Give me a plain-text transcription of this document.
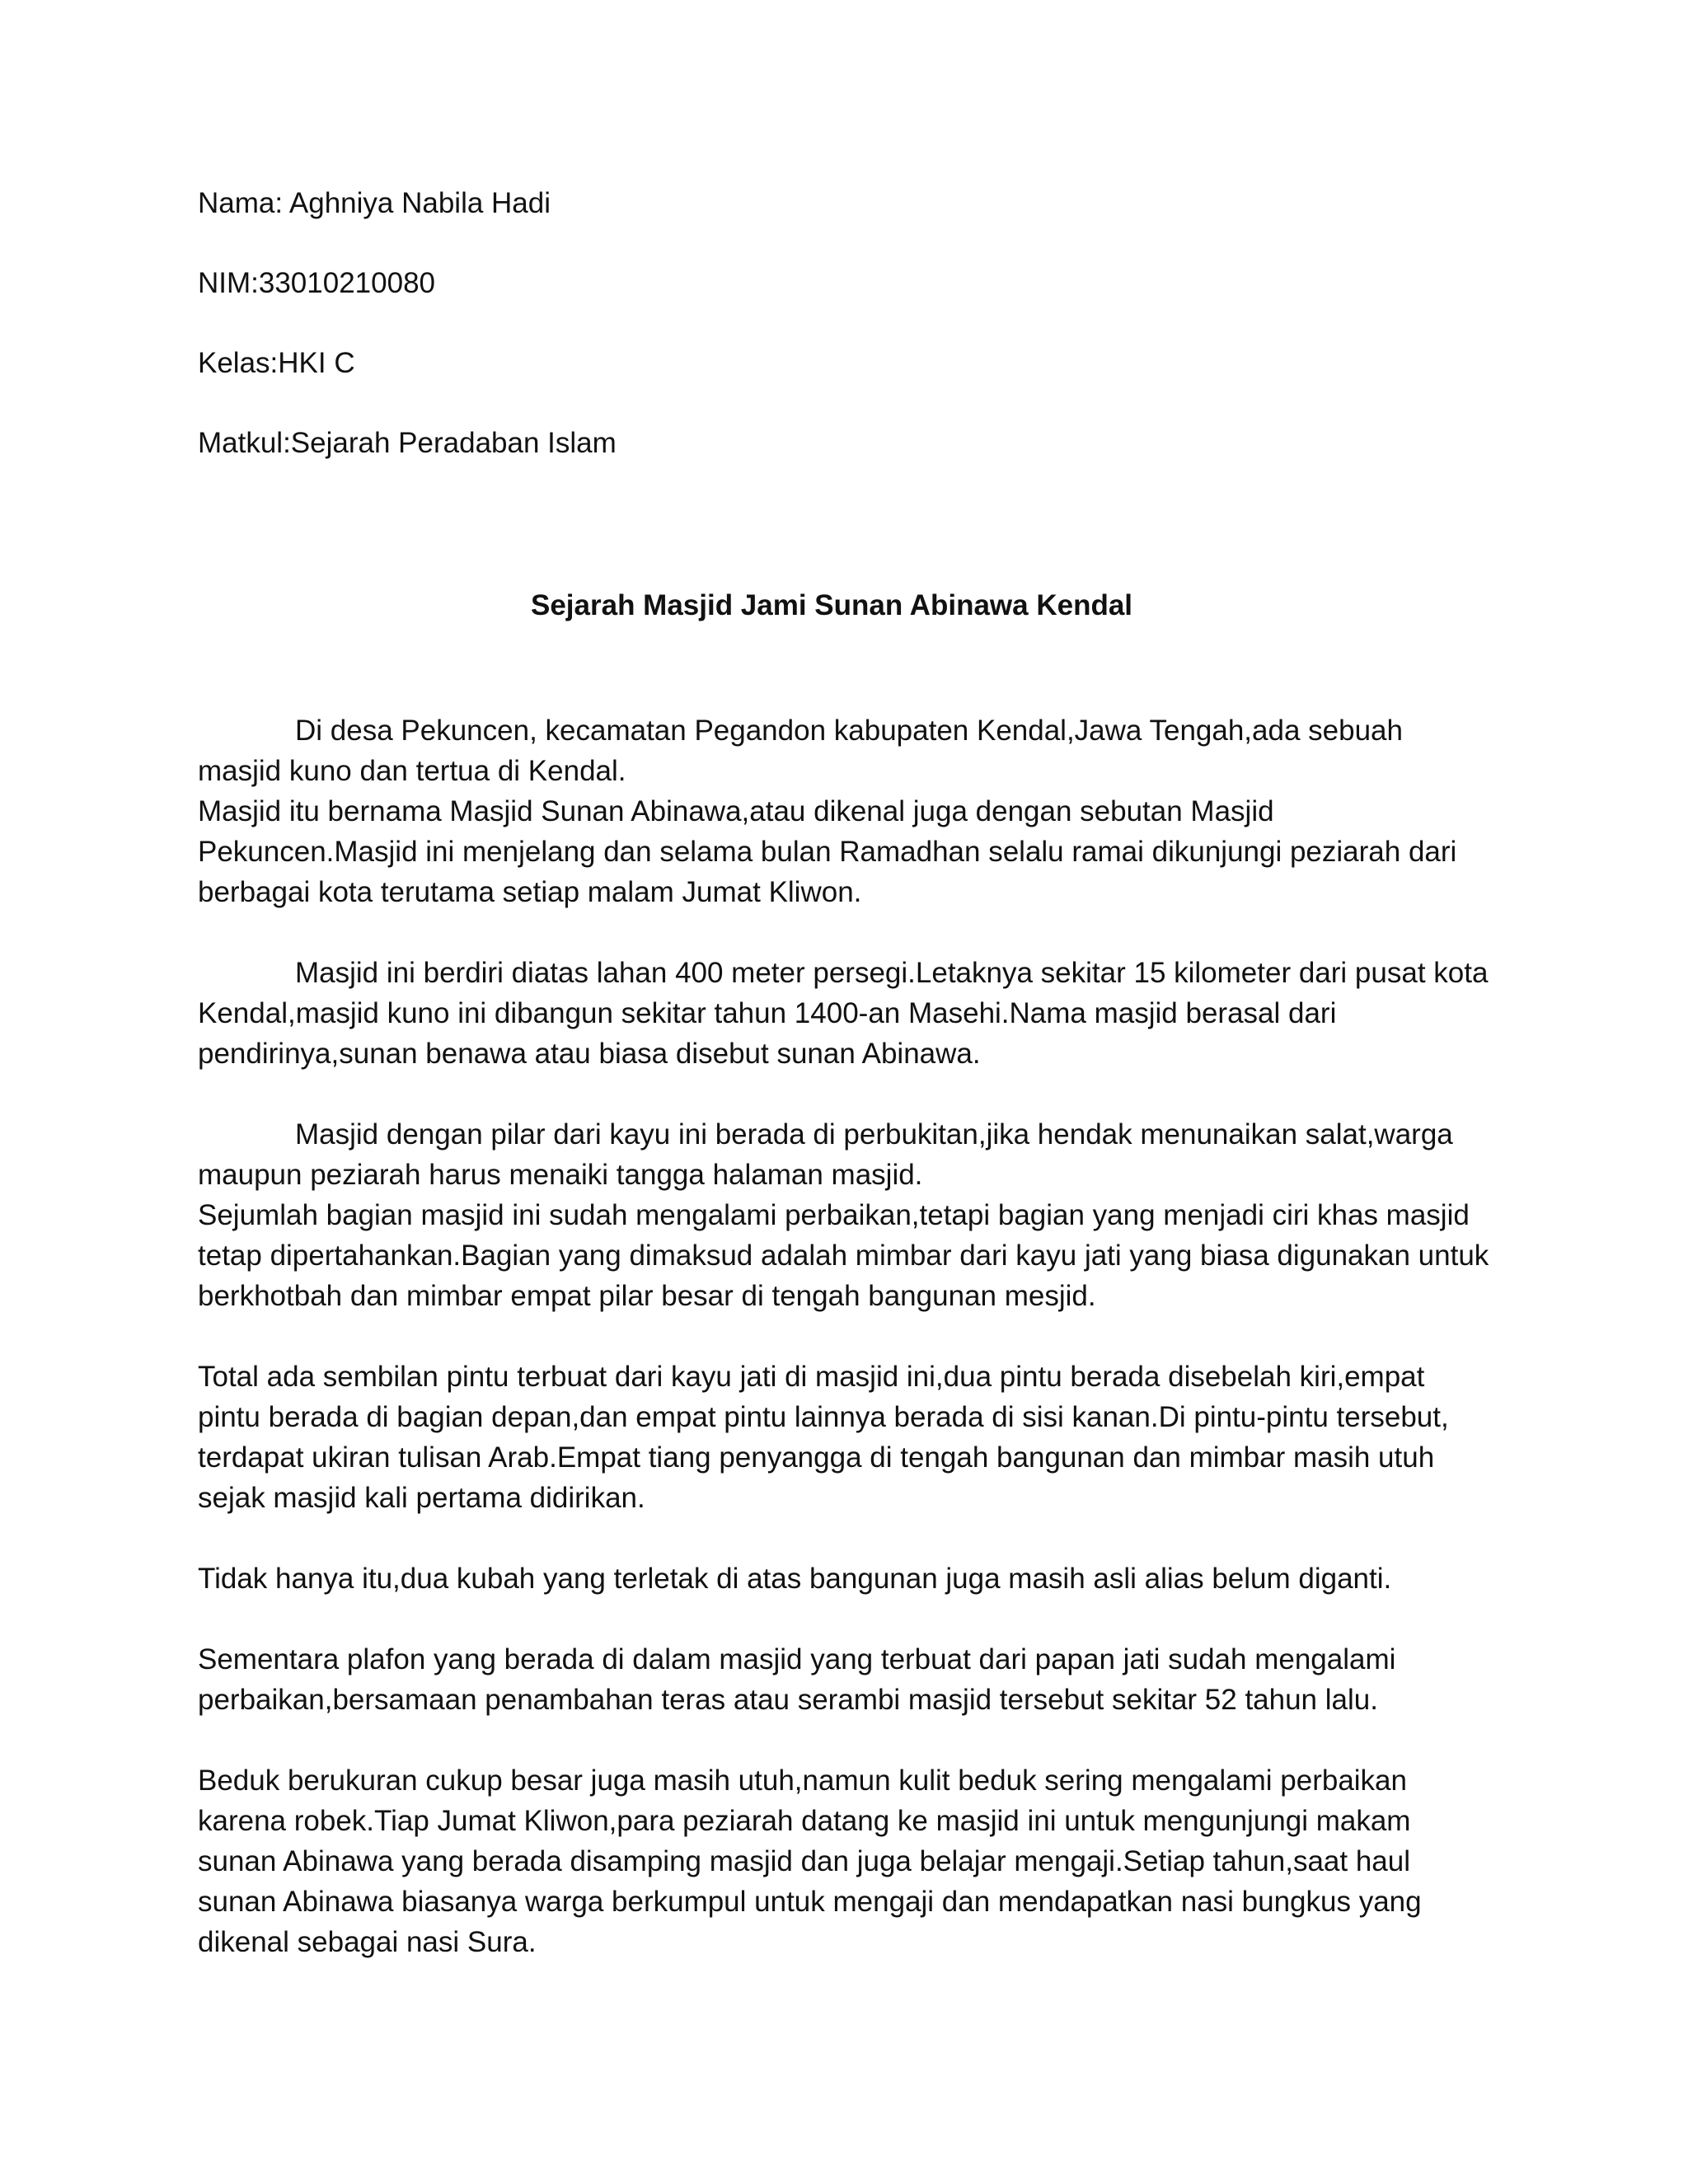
Nama: Aghniya Nabila Hadi
NIM:33010210080
Kelas:HKI C
Matkul:Sejarah Peradaban Islam
Sejarah Masjid Jami Sunan Abinawa Kendal

Di desa Pekuncen, kecamatan Pegandon kabupaten Kendal,Jawa Tengah,ada sebuah masjid kuno dan tertua di Kendal.

Masjid itu bernama Masjid Sunan Abinawa,atau dikenal juga dengan sebutan Masjid Pekuncen.Masjid ini menjelang dan selama bulan Ramadhan selalu ramai dikunjungi peziarah dari berbagai kota terutama setiap malam Jumat Kliwon.

Masjid ini berdiri diatas lahan 400 meter persegi.Letaknya sekitar 15 kilometer dari pusat kota Kendal,masjid kuno ini dibangun sekitar tahun 1400-an Masehi.Nama masjid berasal dari pendirinya,sunan benawa atau biasa disebut sunan Abinawa.

Masjid dengan pilar dari kayu ini berada di perbukitan,jika hendak menunaikan salat,warga maupun peziarah harus menaiki tangga halaman masjid.

Sejumlah bagian masjid ini sudah mengalami perbaikan,tetapi bagian yang menjadi ciri khas masjid tetap dipertahankan.Bagian yang dimaksud adalah mimbar dari kayu jati yang biasa digunakan untuk berkhotbah dan mimbar empat pilar besar di tengah bangunan mesjid.

Total ada sembilan pintu terbuat dari kayu jati di masjid ini,dua pintu berada disebelah kiri,empat pintu berada di bagian depan,dan empat pintu lainnya berada di sisi kanan.Di pintu-pintu tersebut, terdapat ukiran tulisan Arab.Empat tiang penyangga di tengah bangunan dan mimbar masih utuh sejak masjid kali pertama didirikan.

Tidak hanya itu,dua kubah yang terletak di atas bangunan juga masih asli alias belum diganti.

Sementara plafon yang berada di dalam masjid yang terbuat dari papan jati sudah mengalami perbaikan,bersamaan penambahan teras atau serambi masjid tersebut sekitar 52 tahun lalu.

Beduk berukuran cukup besar juga masih utuh,namun kulit beduk sering mengalami perbaikan karena robek.Tiap Jumat Kliwon,para peziarah datang ke masjid ini untuk mengunjungi makam sunan Abinawa yang berada disamping masjid dan juga belajar mengaji.Setiap tahun,saat haul sunan Abinawa biasanya warga berkumpul untuk mengaji dan mendapatkan nasi bungkus yang dikenal sebagai nasi Sura.
